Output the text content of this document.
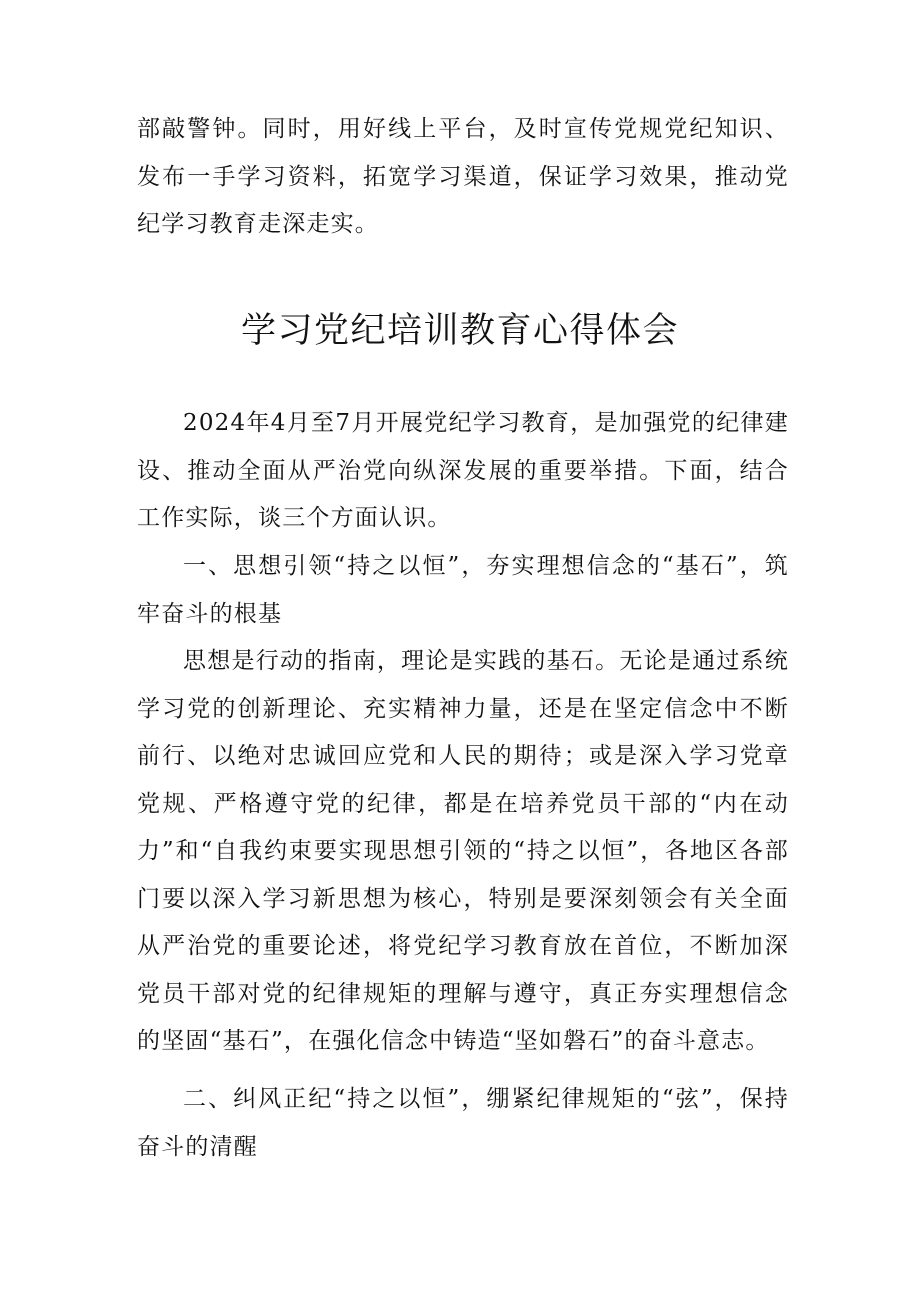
部敲警钟。同时，用好线上平台，及时宣传党规党纪知识、发布一手学习资料，拓宽学习渠道，保证学习效果，推动党纪学习教育走深走实。

学习党纪培训教育心得体会

2024年4月至7月开展党纪学习教育，是加强党的纪律建设、推动全面从严治党向纵深发展的重要举措。下面，结合工作实际，谈三个方面认识。

一、思想引领“持之以恒”，夯实理想信念的“基石”，筑牢奋斗的根基

思想是行动的指南，理论是实践的基石。无论是通过系统学习党的创新理论、充实精神力量，还是在坚定信念中不断前行、以绝对忠诚回应党和人民的期待；或是深入学习党章党规、严格遵守党的纪律，都是在培养党员干部的“内在动力”和“自我约束要实现思想引领的“持之以恒”，各地区各部门要以深入学习新思想为核心，特别是要深刻领会有关全面从严治党的重要论述，将党纪学习教育放在首位，不断加深党员干部对党的纪律规矩的理解与遵守，真正夯实理想信念的坚固“基石”，在强化信念中铸造“坚如磐石”的奋斗意志。

二、纠风正纪“持之以恒”，绷紧纪律规矩的“弦”，保持奋斗的清醒
